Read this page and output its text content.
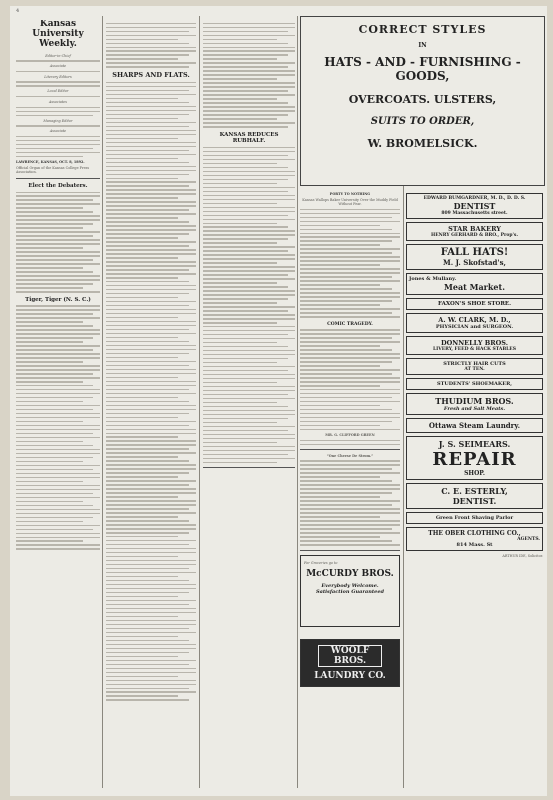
4
Kansas University Weekly.
Editor-in-Chief
Associate
Literary Editors
Local Editor
Associates
Managing Editor
Associate
LAWRENCE, KANSAS, OCT. 8, 1892.
Official Organ of the Kansas College Press Association.
Elect the Debaters.
Tiger, Tiger (N. S. C.)
SHARPS AND FLATS.
KANSAS REDUCES RUBHALF.
PORTY TO NOTHING
Kansas Wallops Baker University Over the Muddy Field Without Fear.
COMIC TRAGEDY.
MR. G. CLIFFORD GREEN
“One Cheese De Strom.”
For Groceries go to
McCURDY BROS.
Everybody Welcome.
Satisfaction Guaranteed
WOOLF BROS.
LAUNDRY CO.
CORRECT STYLES
IN
HATS - AND - FURNISHING - GOODS,
OVERCOATS. ULSTERS,
SUITS TO ORDER,
W. BROMELSICK.
EDWARD BUMGARDNER, M. D., D. D. S.
DENTIST
809 Massachusetts street.
STAR BAKERY
HENRY GERHARD & BRO., Prop's.
FALL HATS!
M. J. Skofstad's,
Jones & Mullany.
Meat Market.
FAXON'S SHOE STORE.
A. W. CLARK, M. D.,
PHYSICIAN and SURGEON.
DONNELLY BROS.
LIVERY, FEED & HACK STABLES
STRICTLY HAIR CUTS
AT TEN.
STUDENTS' SHOEMAKER,
THUDIUM BROS.
Fresh and Salt Meats.
Ottawa Steam Laundry.
J. S. SEIMEARS.
REPAIR
SHOP.
C. E. ESTERLY,
DENTIST.
Green Front Shaving Parlor
THE OBER CLOTHING CO.,
AGENTS.
814 Mass. St
ARTHUR IDE, Solicitor.
